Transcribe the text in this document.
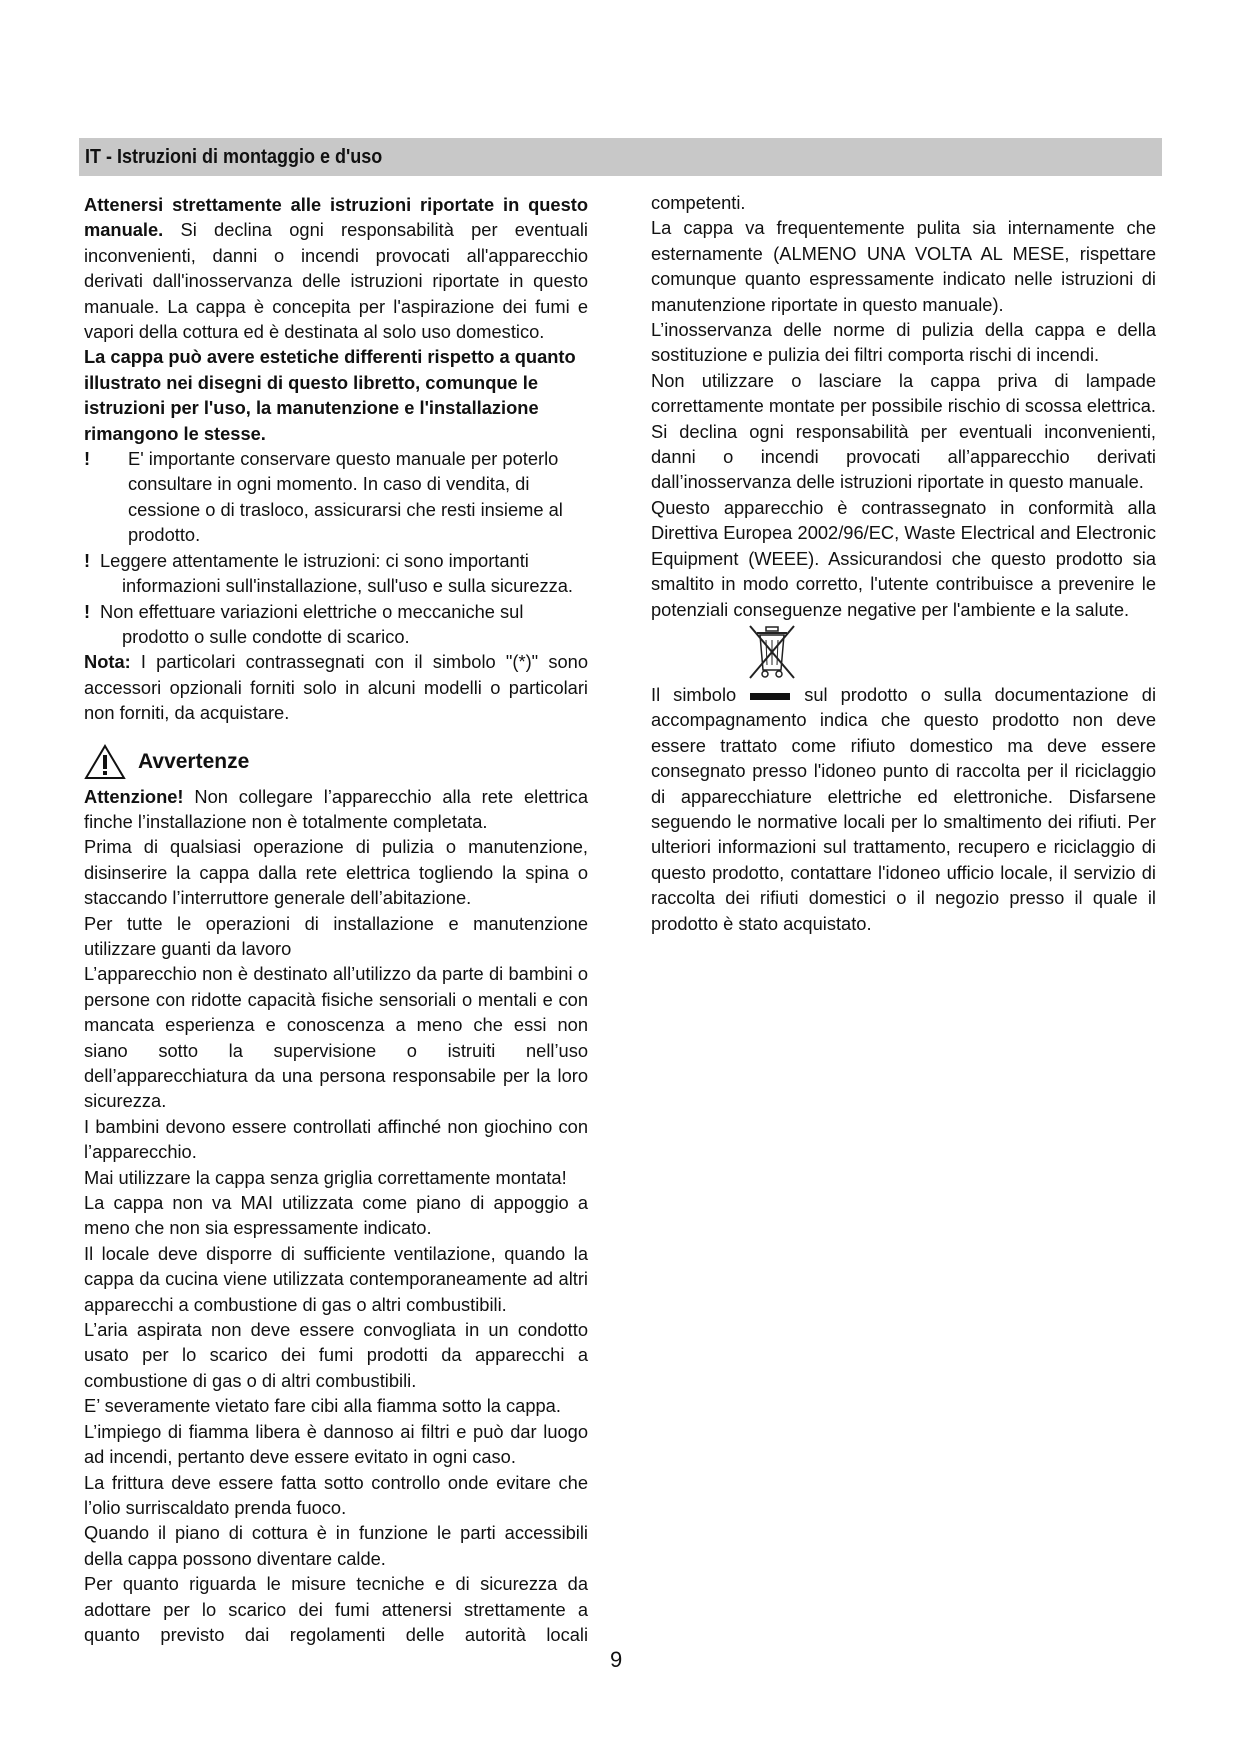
IT - Istruzioni di montaggio e d'uso

Attenersi strettamente alle istruzioni riportate in questo manuale. Si declina ogni responsabilità per eventuali inconvenienti, danni o incendi provocati all'apparecchio derivati dall'inosservanza delle istruzioni riportate in questo manuale. La cappa è concepita per l'aspirazione dei fumi e vapori della cottura ed è destinata al solo uso domestico.

La cappa può avere estetiche differenti rispetto a quanto illustrato nei disegni di questo libretto, comunque le istruzioni per l'uso, la manutenzione e l'installazione rimangono le stesse.

!	E' importante conservare questo manuale per poterlo consultare in ogni momento. In caso di vendita, di cessione o di trasloco, assicurarsi che resti insieme al prodotto.
! Leggere attentamente le istruzioni: ci sono importanti informazioni sull'installazione, sull'uso e sulla sicurezza.
! Non effettuare variazioni elettriche o meccaniche sul prodotto o sulle condotte di scarico.

Nota: I particolari contrassegnati con il simbolo "(*)" sono accessori opzionali forniti solo in alcuni modelli o particolari non forniti, da acquistare.

Avvertenze

Attenzione! Non collegare l’apparecchio alla rete elettrica finche l’installazione non è totalmente completata.

Prima di qualsiasi operazione di pulizia o manutenzione, disinserire la cappa dalla rete elettrica togliendo la spina o staccando l’interruttore generale dell’abitazione.

Per tutte le operazioni di installazione e manutenzione utilizzare guanti da lavoro

L’apparecchio non è destinato all’utilizzo da parte di bambini o persone con ridotte capacità fisiche sensoriali o mentali e con mancata esperienza e conoscenza a meno che essi non siano sotto la supervisione o istruiti nell’uso dell’apparecchiatura da una persona responsabile per la loro sicurezza.

I bambini devono essere controllati affinché non giochino con l’apparecchio.

Mai utilizzare la cappa senza griglia correttamente montata!

La cappa non va MAI utilizzata come piano di appoggio a meno che non sia espressamente indicato.

Il locale deve disporre di sufficiente ventilazione, quando la cappa da cucina viene utilizzata contemporaneamente ad altri apparecchi a combustione di gas o altri combustibili.

L’aria aspirata non deve essere convogliata in un condotto usato per lo scarico dei fumi prodotti da apparecchi a combustione di gas o di altri combustibili.

E’ severamente vietato fare cibi alla fiamma sotto la cappa.

L’impiego di fiamma libera è dannoso ai filtri e può dar luogo ad incendi, pertanto deve essere evitato in ogni caso.

La frittura deve essere fatta sotto controllo onde evitare che l’olio surriscaldato prenda fuoco.

Quando il piano di cottura è in funzione le parti accessibili della cappa possono diventare calde.

Per quanto riguarda le misure tecniche e di sicurezza da adottare per lo scarico dei fumi attenersi strettamente a quanto previsto dai regolamenti delle autorità locali

competenti.

La cappa va frequentemente pulita sia internamente che esternamente (ALMENO UNA VOLTA AL MESE, rispettare comunque quanto espressamente indicato nelle istruzioni di manutenzione riportate in questo manuale).

L’inosservanza delle norme di pulizia della cappa e della sostituzione e pulizia dei filtri comporta rischi di incendi.

Non utilizzare o lasciare la cappa priva di lampade correttamente montate per possibile rischio di scossa elettrica.

Si declina ogni responsabilità per eventuali inconvenienti, danni o incendi provocati all’apparecchio derivati dall’inosservanza delle istruzioni riportate in questo manuale.

Questo apparecchio è contrassegnato in conformità alla Direttiva Europea 2002/96/EC, Waste Electrical and Electronic Equipment (WEEE). Assicurandosi che questo prodotto sia smaltito in modo corretto, l'utente contribuisce a prevenire le potenziali conseguenze negative per l'ambiente e la salute.

Il simbolo	sul prodotto o sulla documentazione di accompagnamento indica che questo prodotto non deve essere trattato come rifiuto domestico ma deve essere consegnato presso l'idoneo punto di raccolta per il riciclaggio di apparecchiature elettriche ed elettroniche. Disfarsene seguendo le normative locali per lo smaltimento dei rifiuti. Per ulteriori informazioni sul trattamento, recupero e riciclaggio di questo prodotto, contattare l'idoneo ufficio locale, il servizio di raccolta dei rifiuti domestici o il negozio presso il quale il prodotto è stato acquistato.

9
